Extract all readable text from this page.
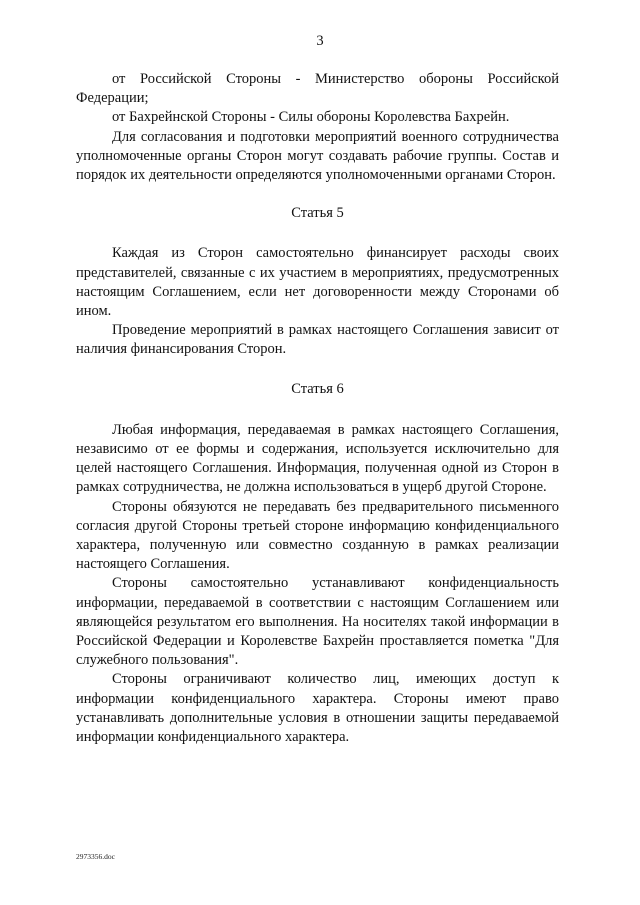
3

от Российской Стороны - Министерство обороны Российской Федерации;

от Бахрейнской Стороны - Силы обороны Королевства Бахрейн.

Для согласования и подготовки мероприятий военного сотрудничества уполномоченные органы Сторон могут создавать рабочие группы. Состав и порядок их деятельности определяются уполномоченными органами Сторон.

Статья 5

Каждая из Сторон самостоятельно финансирует расходы своих представителей, связанные с их участием в мероприятиях, предусмотренных настоящим Соглашением, если нет договоренности между Сторонами об ином.

Проведение мероприятий в рамках настоящего Соглашения зависит от наличия финансирования Сторон.

Статья 6

Любая информация, передаваемая в рамках настоящего Соглашения, независимо от ее формы и содержания, используется исключительно для целей настоящего Соглашения. Информация, полученная одной из Сторон в рамках сотрудничества, не должна использоваться в ущерб другой Стороне.

Стороны обязуются не передавать без предварительного письменного согласия другой Стороны третьей стороне информацию конфиденциального характера, полученную или совместно созданную в рамках реализации настоящего Соглашения.

Стороны самостоятельно устанавливают конфиденциальность информации, передаваемой в соответствии с настоящим Соглашением или являющейся результатом его выполнения. На носителях такой информации в Российской Федерации и Королевстве Бахрейн проставляется пометка "Для служебного пользования".

Стороны ограничивают количество лиц, имеющих доступ к информации конфиденциального характера. Стороны имеют право устанавливать дополнительные условия в отношении защиты передаваемой информации конфиденциального характера.

2973356.doc
